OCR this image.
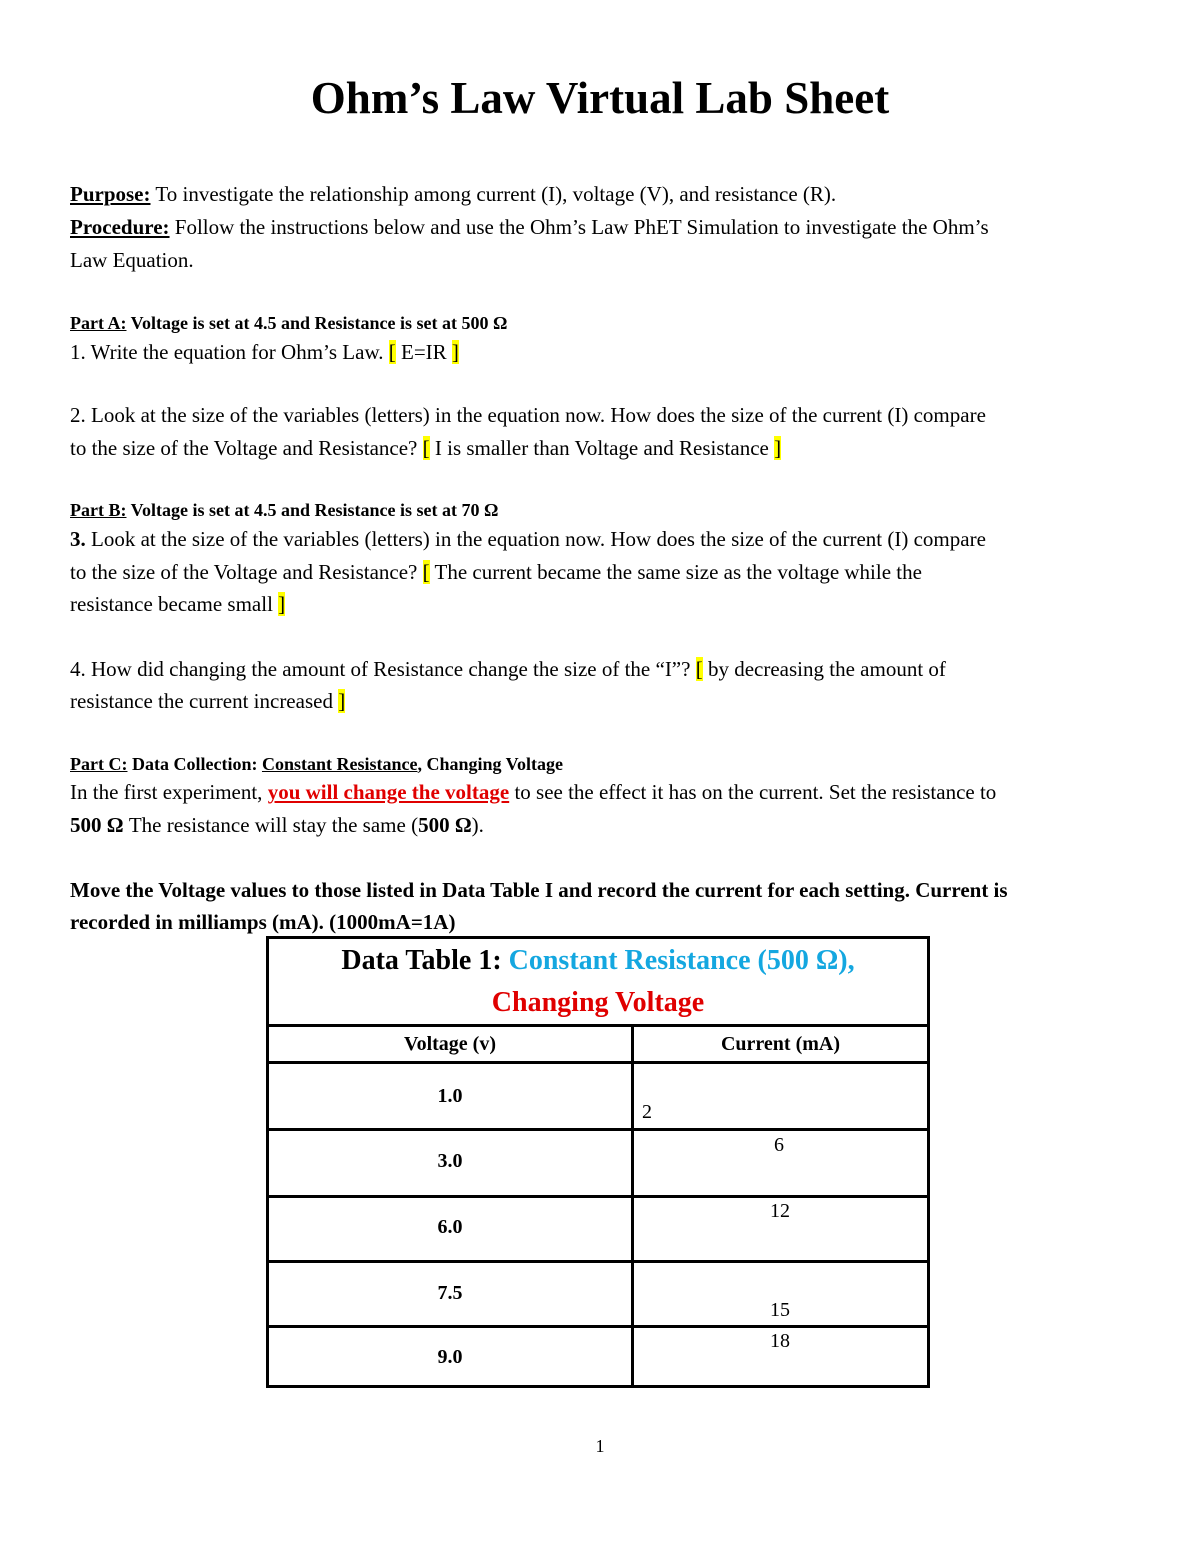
Ohm’s Law Virtual Lab Sheet
Purpose: To investigate the relationship among current (I), voltage (V), and resistance (R).
Procedure: Follow the instructions below and use the Ohm’s Law PhET Simulation to investigate the Ohm’s
Law Equation.
Part A: Voltage is set at 4.5 and Resistance is set at 500 Ω
1. Write the equation for Ohm’s Law. [ E=IR ]
2. Look at the size of the variables (letters) in the equation now. How does the size of the current (I) compare
to the size of the Voltage and Resistance? [ I is smaller than Voltage and Resistance ]
Part B: Voltage is set at 4.5 and Resistance is set at 70 Ω
3. Look at the size of the variables (letters) in the equation now. How does the size of the current (I) compare
to the size of the Voltage and Resistance? [ The current became the same size as the voltage while the
resistance became small ]
4. How did changing the amount of Resistance change the size of the “I”? [ by decreasing the amount of
resistance the current increased ]
Part C: Data Collection: Constant Resistance, Changing Voltage
In the first experiment, you will change the voltage to see the effect it has on the current. Set the resistance to
500 Ω The resistance will stay the same (500 Ω).
Move the Voltage values to those listed in Data Table I and record the current for each setting. Current is
recorded in milliamps (mA). (1000mA=1A)
Data Table 1: Constant Resistance (500 Ω),
Changing Voltage
Voltage (v)	Current (mA)
1.0
2
3.0
6
6.0
12
7.5
15
9.0
18
1
